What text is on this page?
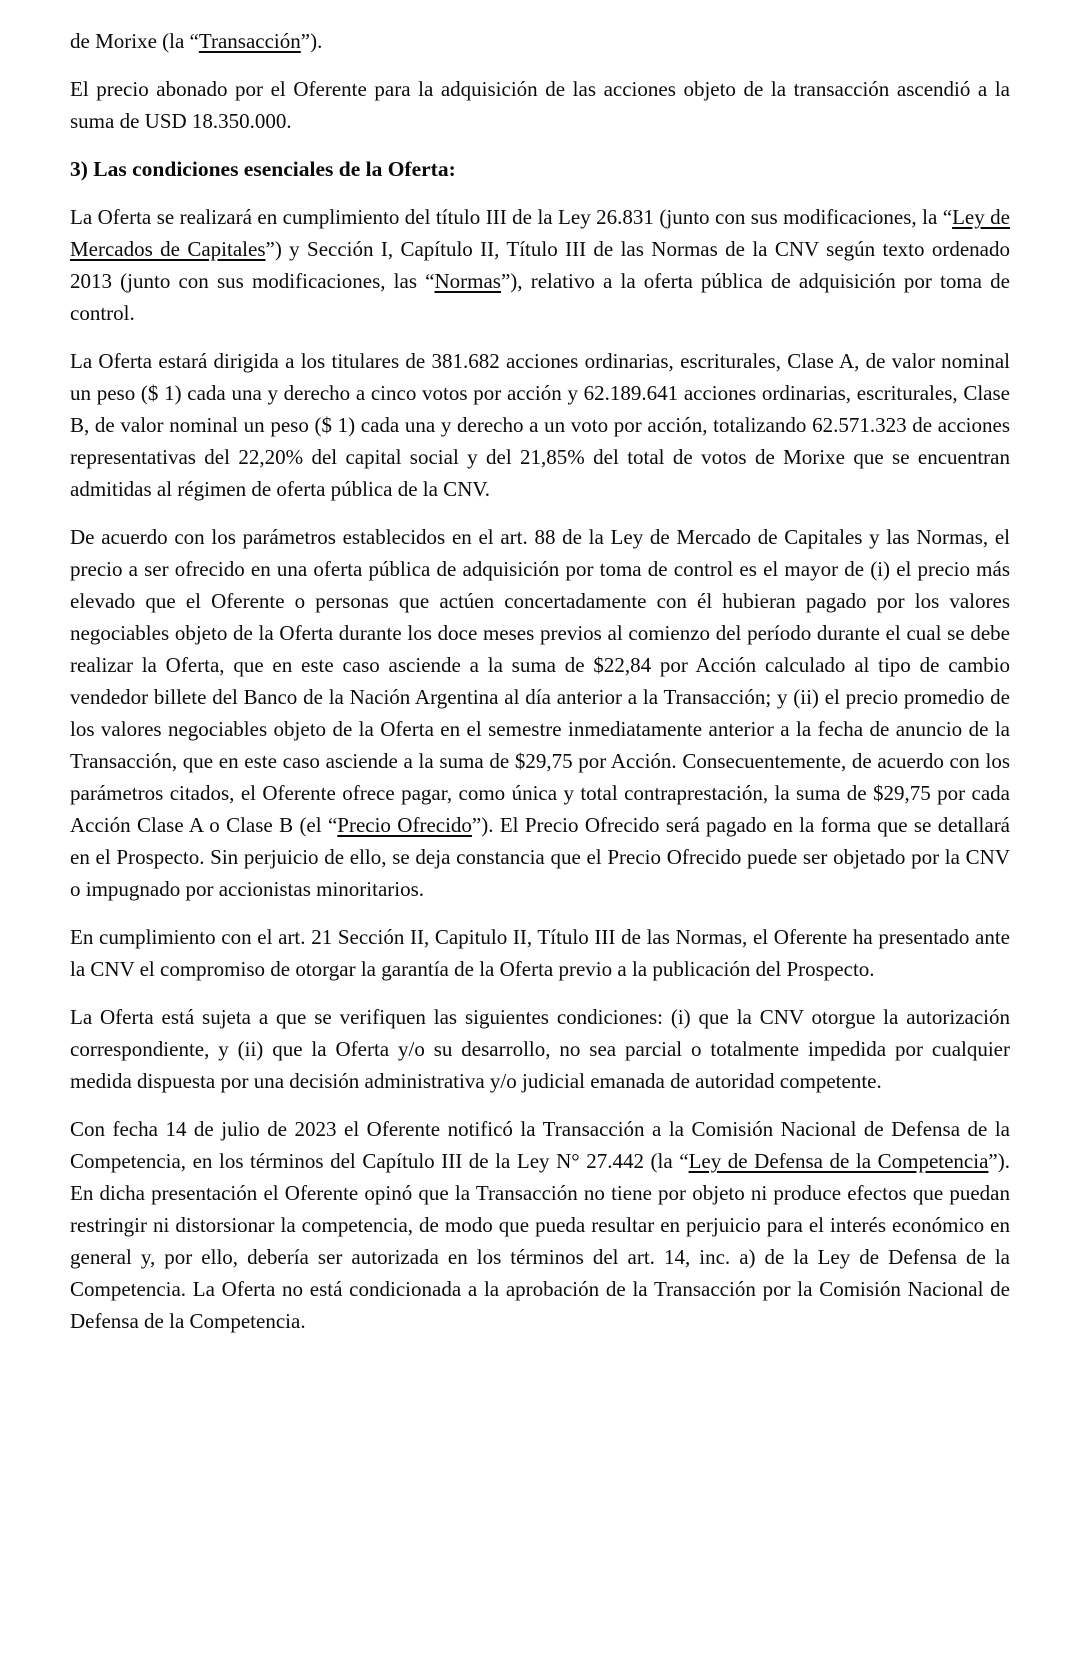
de Morixe (la “Transacción”).

El precio abonado por el Oferente para la adquisición de las acciones objeto de la transacción ascendió a la suma de USD 18.350.000.

3) Las condiciones esenciales de la Oferta:

La Oferta se realizará en cumplimiento del título III de la Ley 26.831 (junto con sus modificaciones, la “Ley de Mercados de Capitales”) y Sección I, Capítulo II, Título III de las Normas de la CNV según texto ordenado 2013 (junto con sus modificaciones, las “Normas”), relativo a la oferta pública de adquisición por toma de control.

La Oferta estará dirigida a los titulares de 381.682 acciones ordinarias, escriturales, Clase A, de valor nominal un peso ($ 1) cada una y derecho a cinco votos por acción y 62.189.641 acciones ordinarias, escriturales, Clase B, de valor nominal un peso ($ 1) cada una y derecho a un voto por acción, totalizando 62.571.323 de acciones representativas del 22,20% del capital social y del 21,85% del total de votos de Morixe que se encuentran admitidas al régimen de oferta pública de la CNV.

De acuerdo con los parámetros establecidos en el art. 88 de la Ley de Mercado de Capitales y las Normas, el precio a ser ofrecido en una oferta pública de adquisición por toma de control es el mayor de (i) el precio más elevado que el Oferente o personas que actúen concertadamente con él hubieran pagado por los valores negociables objeto de la Oferta durante los doce meses previos al comienzo del período durante el cual se debe realizar la Oferta, que en este caso asciende a la suma de $22,84 por Acción calculado al tipo de cambio vendedor billete del Banco de la Nación Argentina al día anterior a la Transacción; y (ii) el precio promedio de los valores negociables objeto de la Oferta en el semestre inmediatamente anterior a la fecha de anuncio de la Transacción, que en este caso asciende a la suma de $29,75 por Acción. Consecuentemente, de acuerdo con los parámetros citados, el Oferente ofrece pagar, como única y total contraprestación, la suma de $29,75 por cada Acción Clase A o Clase B (el “Precio Ofrecido”). El Precio Ofrecido será pagado en la forma que se detallará en el Prospecto. Sin perjuicio de ello, se deja constancia que el Precio Ofrecido puede ser objetado por la CNV o impugnado por accionistas minoritarios.

En cumplimiento con el art. 21 Sección II, Capitulo II, Título III de las Normas, el Oferente ha presentado ante la CNV el compromiso de otorgar la garantía de la Oferta previo a la publicación del Prospecto.

La Oferta está sujeta a que se verifiquen las siguientes condiciones: (i) que la CNV otorgue la autorización correspondiente, y (ii) que la Oferta y/o su desarrollo, no sea parcial o totalmente impedida por cualquier medida dispuesta por una decisión administrativa y/o judicial emanada de autoridad competente.

Con fecha 14 de julio de 2023 el Oferente notificó la Transacción a la Comisión Nacional de Defensa de la Competencia, en los términos del Capítulo III de la Ley N° 27.442 (la “Ley de Defensa de la Competencia”). En dicha presentación el Oferente opinó que la Transacción no tiene por objeto ni produce efectos que puedan restringir ni distorsionar la competencia, de modo que pueda resultar en perjuicio para el interés económico en general y, por ello, debería ser autorizada en los términos del art. 14, inc. a) de la Ley de Defensa de la Competencia. La Oferta no está condicionada a la aprobación de la Transacción por la Comisión Nacional de Defensa de la Competencia.
